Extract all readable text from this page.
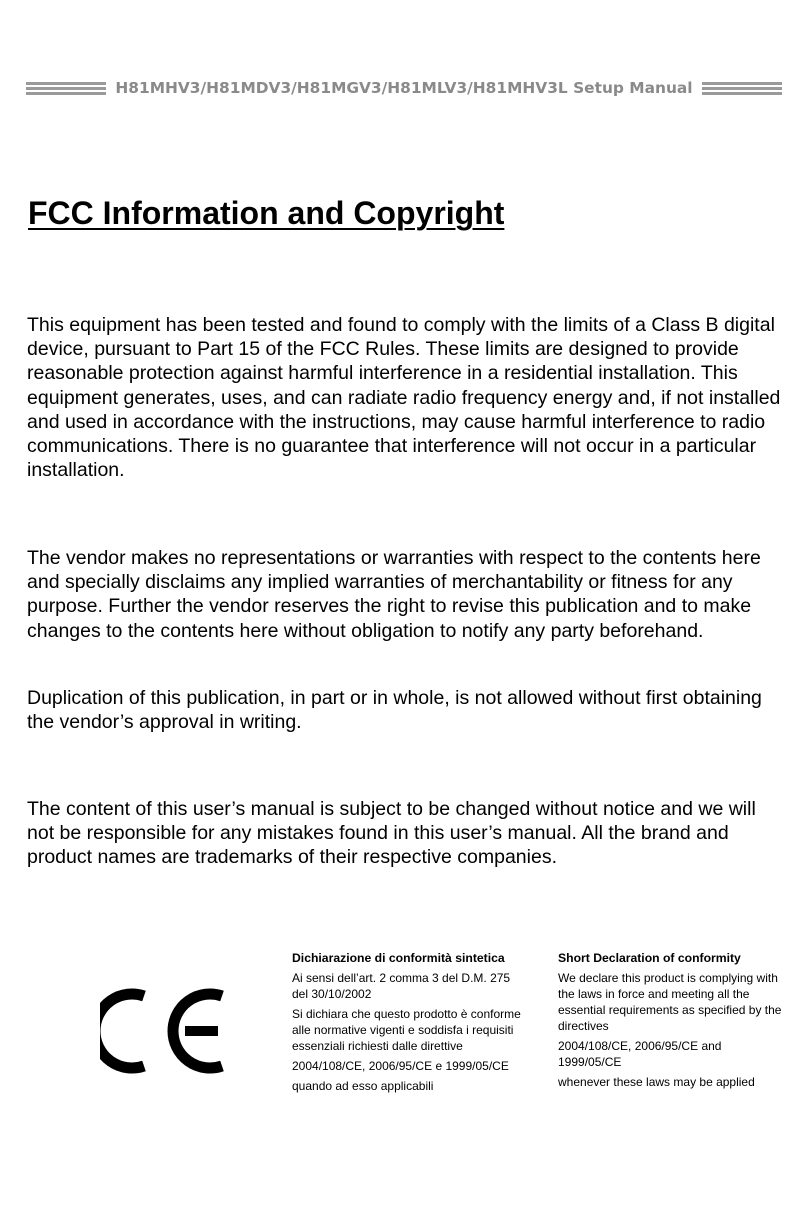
H81MHV3/H81MDV3/H81MGV3/H81MLV3/H81MHV3L Setup Manual
FCC Information and Copyright

This equipment has been tested and found to comply with the limits of a Class B digital device, pursuant to Part 15 of the FCC Rules. These limits are designed to provide reasonable protection against harmful interference in a residential installation. This equipment generates, uses, and can radiate radio frequency energy and, if not installed and used in accordance with the instructions, may cause harmful interference to radio communications. There is no guarantee that interference will not occur in a particular installation.

The vendor makes no representations or warranties with respect to the contents here and specially disclaims any implied warranties of merchantability or fitness for any purpose. Further the vendor reserves the right to revise this publication and to make changes to the contents here without obligation to notify any party beforehand.

Duplication of this publication, in part or in whole, is not allowed without first obtaining the vendor’s approval in writing.

The content of this user’s manual is subject to be changed without notice and we will not be responsible for any mistakes found in this user’s manual. All the brand and product names are trademarks of their respective companies.

Dichiarazione di conformità sintetica

Ai sensi dell’art. 2 comma 3 del D.M. 275 del 30/10/2002

Si dichiara che questo prodotto è conforme alle normative vigenti e soddisfa i requisiti essenziali richiesti dalle direttive

2004/108/CE, 2006/95/CE e 1999/05/CE

quando ad esso applicabili

Short Declaration of conformity

We declare this product is complying with the laws in force and meeting all the essential requirements as specified by the directives

2004/108/CE, 2006/95/CE and 1999/05/CE

whenever these laws may be applied
